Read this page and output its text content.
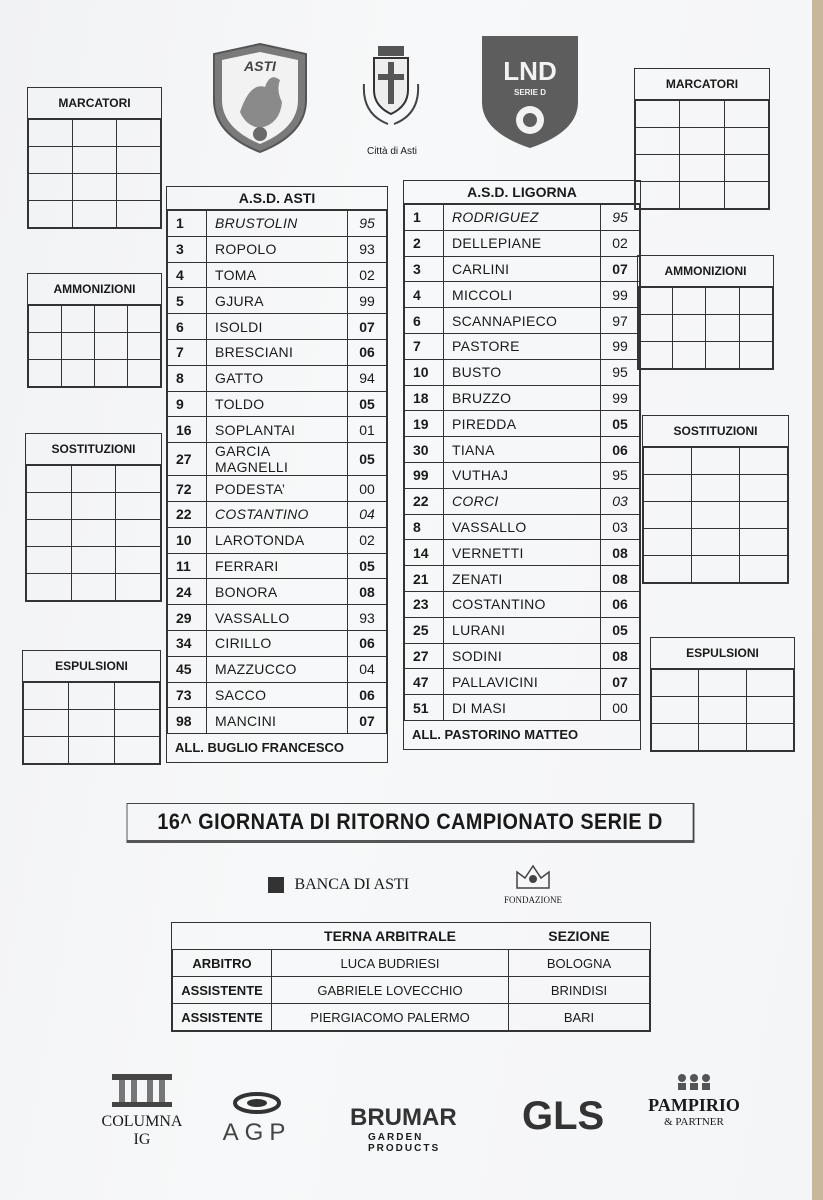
ASTI
Città di Asti
LND
SERIE D
MARCATORI

AMMONIZIONI

SOSTITUZIONI

ESPULSIONI

MARCATORI

AMMONIZIONI

SOSTITUZIONI

ESPULSIONI

A.S.D. ASTI
1	BRUSTOLIN	95
3	ROPOLO	93
4	TOMA	02
5	GJURA	99
6	ISOLDI	07
7	BRESCIANI	06
8	GATTO	94
9	TOLDO	05
16	SOPLANTAI	01
27	GARCIA MAGNELLI	05
72	PODESTA’	00
22	COSTANTINO	04
10	LAROTONDA	02
11	FERRARI	05
24	BONORA	08
29	VASSALLO	93
34	CIRILLO	06
45	MAZZUCCO	04
73	SACCO	06
98	MANCINI	07
ALL. BUGLIO FRANCESCO
A.S.D. LIGORNA
1	RODRIGUEZ	95
2	DELLEPIANE	02
3	CARLINI	07
4	MICCOLI	99
6	SCANNAPIECO	97
7	PASTORE	99
10	BUSTO	95
18	BRUZZO	99
19	PIREDDA	05
30	TIANA	06
99	VUTHAJ	95
22	CORCI	03
8	VASSALLO	03
14	VERNETTI	08
21	ZENATI	08
23	COSTANTINO	06
25	LURANI	05
27	SODINI	08
47	PALLAVICINI	07
51	DI MASI	00
ALL. PASTORINO MATTEO
16^ GIORNATA DI RITORNO CAMPIONATO SERIE D
BANCA DI ASTI
FONDAZIONE
	TERNA ARBITRALE	SEZIONE
ARBITRO	LUCA BUDRIESI	BOLOGNA
ASSISTENTE	GABRIELE LOVECCHIO	BRINDISI
ASSISTENTE	PIERGIACOMO PALERMO	BARI
COLUMNA IG	AGP
BRUMAR
GARDEN PRODUCTS
GLS PAMPIRIO
& PARTNER
